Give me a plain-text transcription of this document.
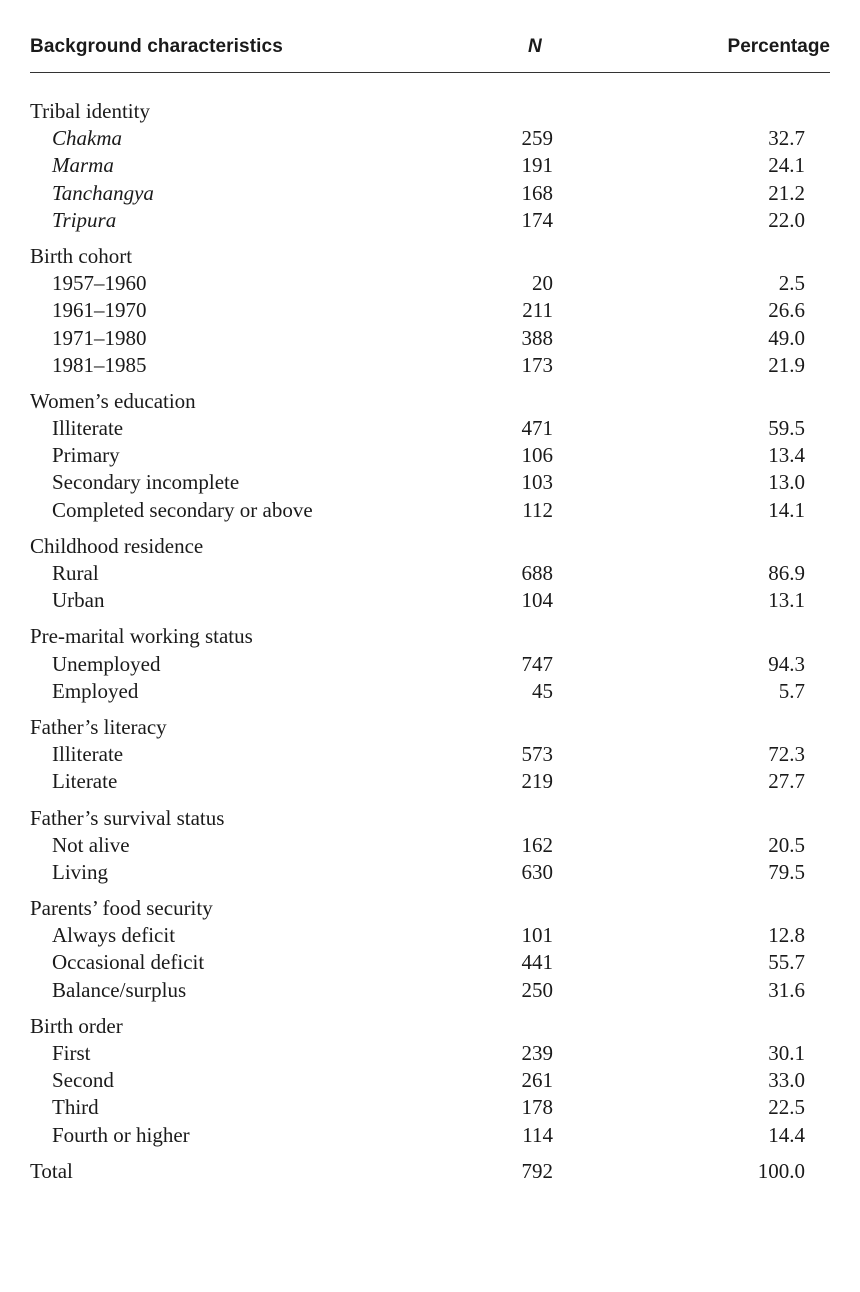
Background characteristics	N	Percentage
Tribal identity
Chakma	259	32.7
Marma	191	24.1
Tanchangya	168	21.2
Tripura	174	22.0
Birth cohort
1957–1960	20	2.5
1961–1970	211	26.6
1971–1980	388	49.0
1981–1985	173	21.9
Women’s education
Illiterate	471	59.5
Primary	106	13.4
Secondary incomplete	103	13.0
Completed secondary or above	112	14.1
Childhood residence
Rural	688	86.9
Urban	104	13.1
Pre-marital working status
Unemployed	747	94.3
Employed	45	5.7
Father’s literacy
Illiterate	573	72.3
Literate	219	27.7
Father’s survival status
Not alive	162	20.5
Living	630	79.5
Parents’ food security
Always deficit	101	12.8
Occasional deficit	441	55.7
Balance/surplus	250	31.6
Birth order
First	239	30.1
Second	261	33.0
Third	178	22.5
Fourth or higher	114	14.4
Total	792	100.0
